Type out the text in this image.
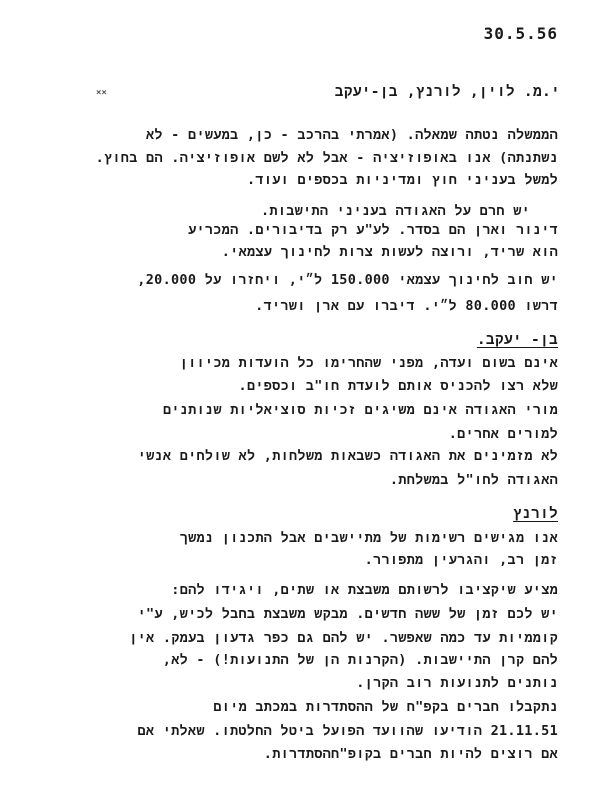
30.5.56
י.מ. לוין, לורנץ, בן-יעקב
××
הממשלה נטתה שמאלה. (אמרתי בהרכב - כן, במעשים - לא
נשתנתה) אנו באופוזיציה - אבל לא לשם אופוזיציה. הם בחוץ.
למשל בעניני חוץ ומדיניות בכספים ועוד.
יש חרם על האגודה בעניני התישבות.
דינור וארן הם בסדר. לע"ע רק בדיבורים. המכריע
הוא שריד, ורוצה לעשות צרות לחינוך עצמאי.
יש חוב לחינוך עצמאי 150.000 ל״י, ויחזרו על 20.000,
דרשו 80.000 ל״י. דיברו עם ארן ושריד.
בן- יעקב.
אינם בשום ועדה, מפני שהחרימו כל הועדות מכיוון
שלא רצו להכניס אותם לועדת חו"ב וכספים.
מורי האגודה אינם משיגים זכיות סוציאליות שנותנים
למורים אחרים.
לא מזמינים את האגודה כשבאות משלחות, לא שולחים אנשי
האגודה לחו"ל במשלחת.
לורנץ
אנו מגישים רשימות של מתיישבים אבל התכנון נמשך
זמן רב, והגרעין מתפורר.
מציע שיקציבו לרשותם משבצת או שתים, ויגידו להם:
יש לכם זמן של ששה חדשים. מבקש משבצת בחבל לכיש, ע"י
קוממיות עד כמה שאפשר. יש להם גם כפר גדעון בעמק. אין
להם קרן התיישבות. (הקרנות הן של התנועות!) - לא,
נותנים לתנועות רוב הקרן.
נתקבלו חברים בקפ"ח של ההסתדרות במכתב מיום
21.11.51 הודיעו שהוועד הפועל ביטל החלטתו. שאלתי אם
אם רוצים להיות חברים בקופ"חהסתדרות.
